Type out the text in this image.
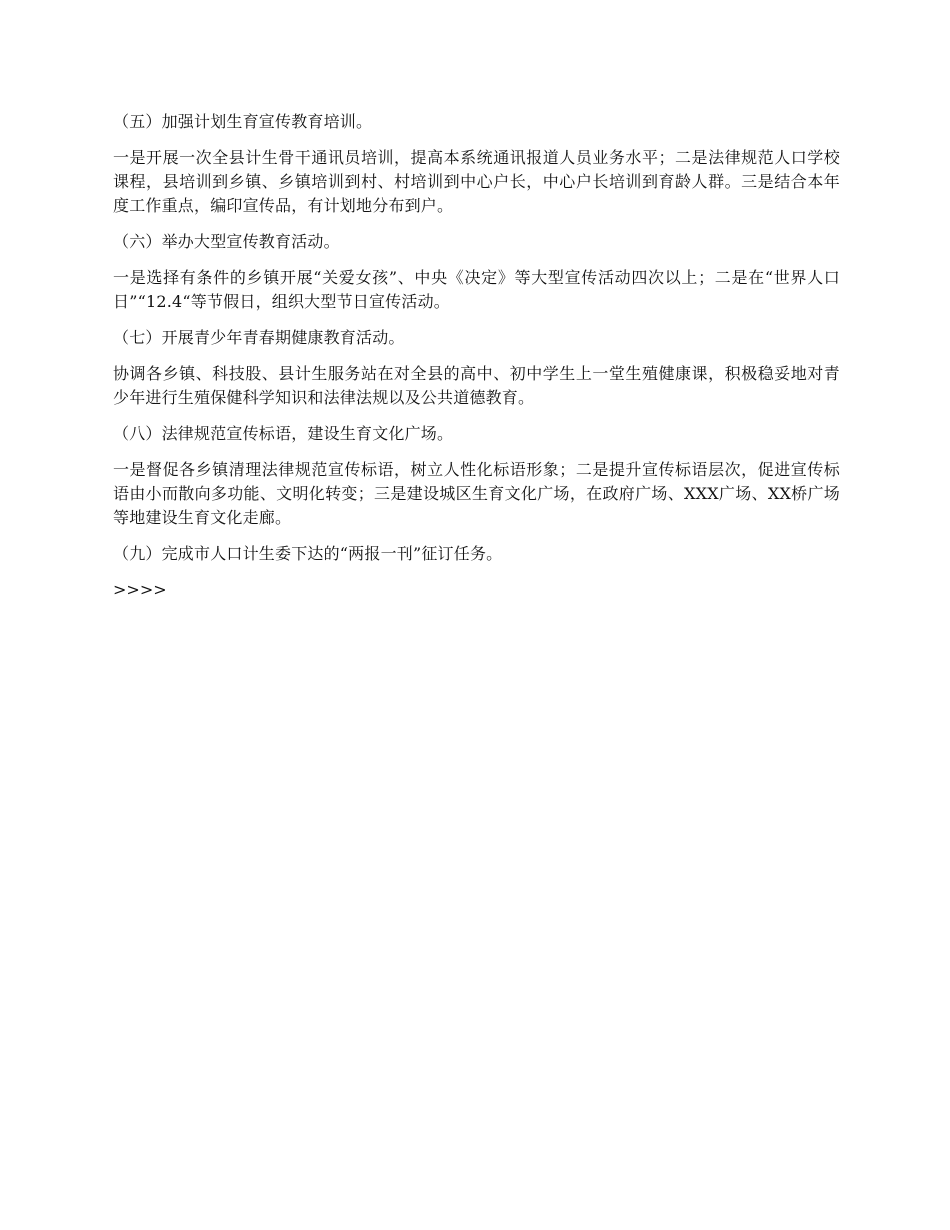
（五）加强计划生育宣传教育培训。

一是开展一次全县计生骨干通讯员培训，提高本系统通讯报道人员业务水平；二是法律规范人口学校课程，县培训到乡镇、乡镇培训到村、村培训到中心户长，中心户长培训到育龄人群。三是结合本年度工作重点，编印宣传品，有计划地分布到户。

（六）举办大型宣传教育活动。

一是选择有条件的乡镇开展“关爱女孩”、中央《决定》等大型宣传活动四次以上；二是在“世界人口日”“12.4“等节假日，组织大型节日宣传活动。

（七）开展青少年青春期健康教育活动。

协调各乡镇、科技股、县计生服务站在对全县的高中、初中学生上一堂生殖健康课，积极稳妥地对青少年进行生殖保健科学知识和法律法规以及公共道德教育。

（八）法律规范宣传标语，建设生育文化广场。

一是督促各乡镇清理法律规范宣传标语，树立人性化标语形象；二是提升宣传标语层次，促进宣传标语由小而散向多功能、文明化转变；三是建设城区生育文化广场，在政府广场、XXX广场、XX桥广场等地建设生育文化走廊。

（九）完成市人口计生委下达的“两报一刊”征订任务。

>>>>
